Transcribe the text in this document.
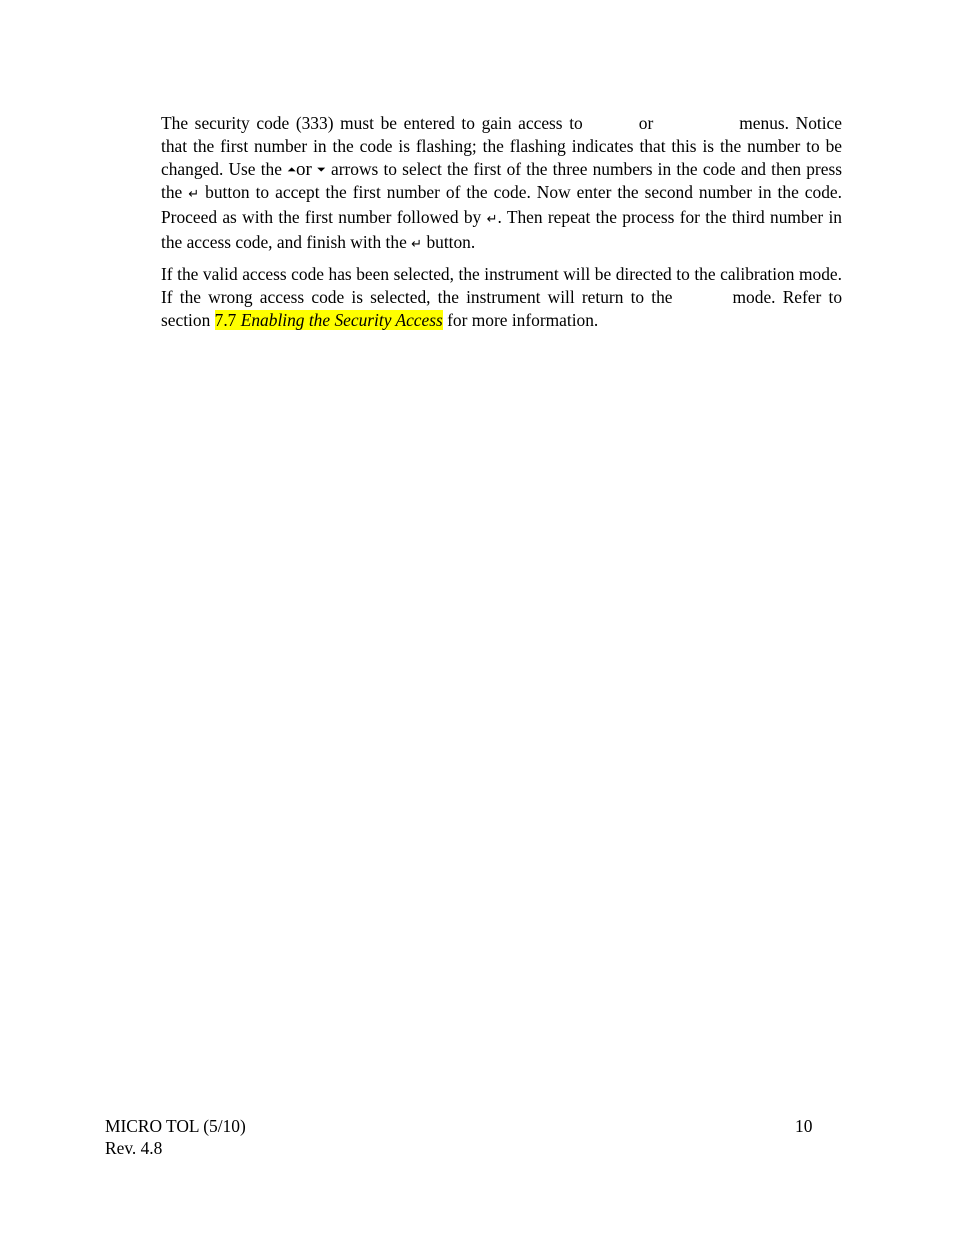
The security code (333) must be entered to gain access to	or	menus. Notice that the first number in the code is flashing; the flashing indicates that this is the number to be changed. Use the ⏶or ⏷ arrows to select the first of the three numbers in the code and then press the ↵ button to accept the first number of the code. Now enter the second number in the code. Proceed as with the first number followed by ↵. Then repeat the process for the third number in the access code, and finish with the ↵ button.

If the valid access code has been selected, the instrument will be directed to the calibration mode. If the wrong access code is selected, the instrument will return to the	mode. Refer to section 7.7 Enabling the Security Access for more information.

MICRO TOL (5/10)
Rev. 4.8
10
